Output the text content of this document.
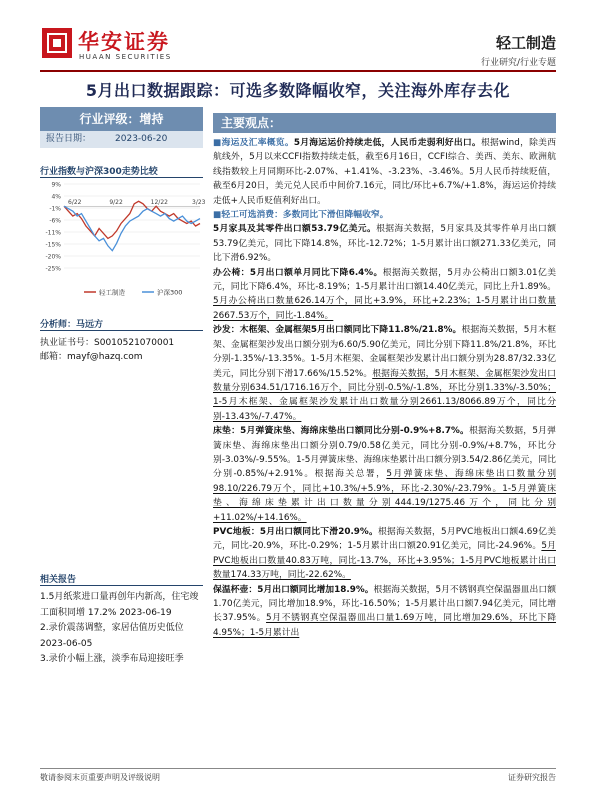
华安证券
HUAAN SECURITIES
轻工制造
行业研究/行业专题
5月出口数据跟踪：可选多数降幅收窄，关注海外库存去化
行业评级：增持
报告日期：	2023-06-20
行业指数与沪深300走势比较
9%
4%
-1%
-6%
-11%
-15%
-20%
-25%
6/22	9/22	12/22	3/23
轻工制造	沪深300
分析师：马远方
执业证书号：S0010521070001
邮箱：mayf@hazq.com
相关报告
1.5月纸浆进口量再创年内新高，住宅竣工面积同增 17.2% 2023-06-19
2.录价震荡调整，家居估值历史低位 2023-06-05
3.录价小幅上涨，淡季布局迎接旺季
主要观点：

■海运及汇率概览。5月海运运价持续走低，人民币走弱利好出口。根据wind，除美西航线外，5月以来CCFI指数持续走低，截至6月16日，CCFI综合、美西、美东、欧洲航线指数较上月同期环比-2.07%、+1.41%、-3.23%、-3.46%。5月人民币持续贬值，截至6月20日，美元兑人民币中间价7.16元，同比/环比+6.7%/+1.8%，海运运价持续走低+人民币贬值利好出口。

■轻工可选消费：多数同比下滑但降幅收窄。

5月家具及其零件出口额53.79亿美元。根据海关数据，5月家具及其零件单月出口额53.79亿美元，同比下降14.8%，环比-12.72%；1-5月累计出口额271.33亿美元，同比下滑6.92%。

办公椅：5月出口额单月同比下降6.4%。根据海关数据，5月办公椅出口额3.01亿美元，同比下降6.4%，环比-8.19%；1-5月累计出口额14.40亿美元，同比上升1.89%。5月办公椅出口数量626.14万个，同比+3.9%，环比+2.23%；1-5月累计出口数量2667.53万个，同比-1.84%。

沙发：木框架、金属框架5月出口额同比下降11.8%/21.8%。根据海关数据，5月木框架、金属框架沙发出口额分别为6.60/5.90亿美元，同比分别下降11.8%/21.8%，环比分别-1.35%/-13.35%。1-5月木框架、金属框架沙发累计出口额分别为28.87/32.33亿美元，同比分别下滑17.66%/15.52%。根据海关数据，5月木框架、金属框架沙发出口数量分别634.51/1716.16万个，同比分别-0.5%/-1.8%，环比分别1.33%/-3.50%；1-5月木框架、金属框架沙发累计出口数量分别2661.13/8066.89万个，同比分别-13.43%/-7.47%。

床垫：5月弹簧床垫、海绵床垫出口额同比分别-0.9%+8.7%。根据海关数据，5月弹簧床垫、海绵床垫出口额分别0.79/0.58亿美元，同比分别-0.9%/+8.7%，环比分别-3.03%/-9.55%。1-5月弹簧床垫、海绵床垫累计出口额分别3.54/2.86亿美元，同比分别-0.85%/+2.91%。根据海关总署，5月弹簧床垫、海绵床垫出口数量分别98.10/226.79万个，同比+10.3%/+5.9%，环比-2.30%/-23.79%。1-5月弹簧床垫、海绵床垫累计出口数量分别444.19/1275.46万个，同比分别+11.02%/+14.16%。

PVC地板：5月出口额同比下滑20.9%。根据海关数据，5月PVC地板出口额4.69亿美元，同比-20.9%，环比-0.29%；1-5月累计出口额20.91亿美元，同比-24.96%。5月PVC地板出口数量40.83万吨，同比-13.7%，环比+3.95%；1-5月PVC地板累计出口数量174.33万吨，同比-22.62%。

保温杯壶：5月出口额同比增加18.9%。根据海关数据，5月不锈钢真空保温器皿出口额1.70亿美元，同比增加18.9%，环比-16.50%；1-5月累计出口额7.94亿美元，同比增长37.95%。5月不锈钢真空保温器皿出口量1.69万吨，同比增加29.6%，环比下降4.95%；1-5月累计出

敬请参阅末页重要声明及评级说明	证券研究报告
